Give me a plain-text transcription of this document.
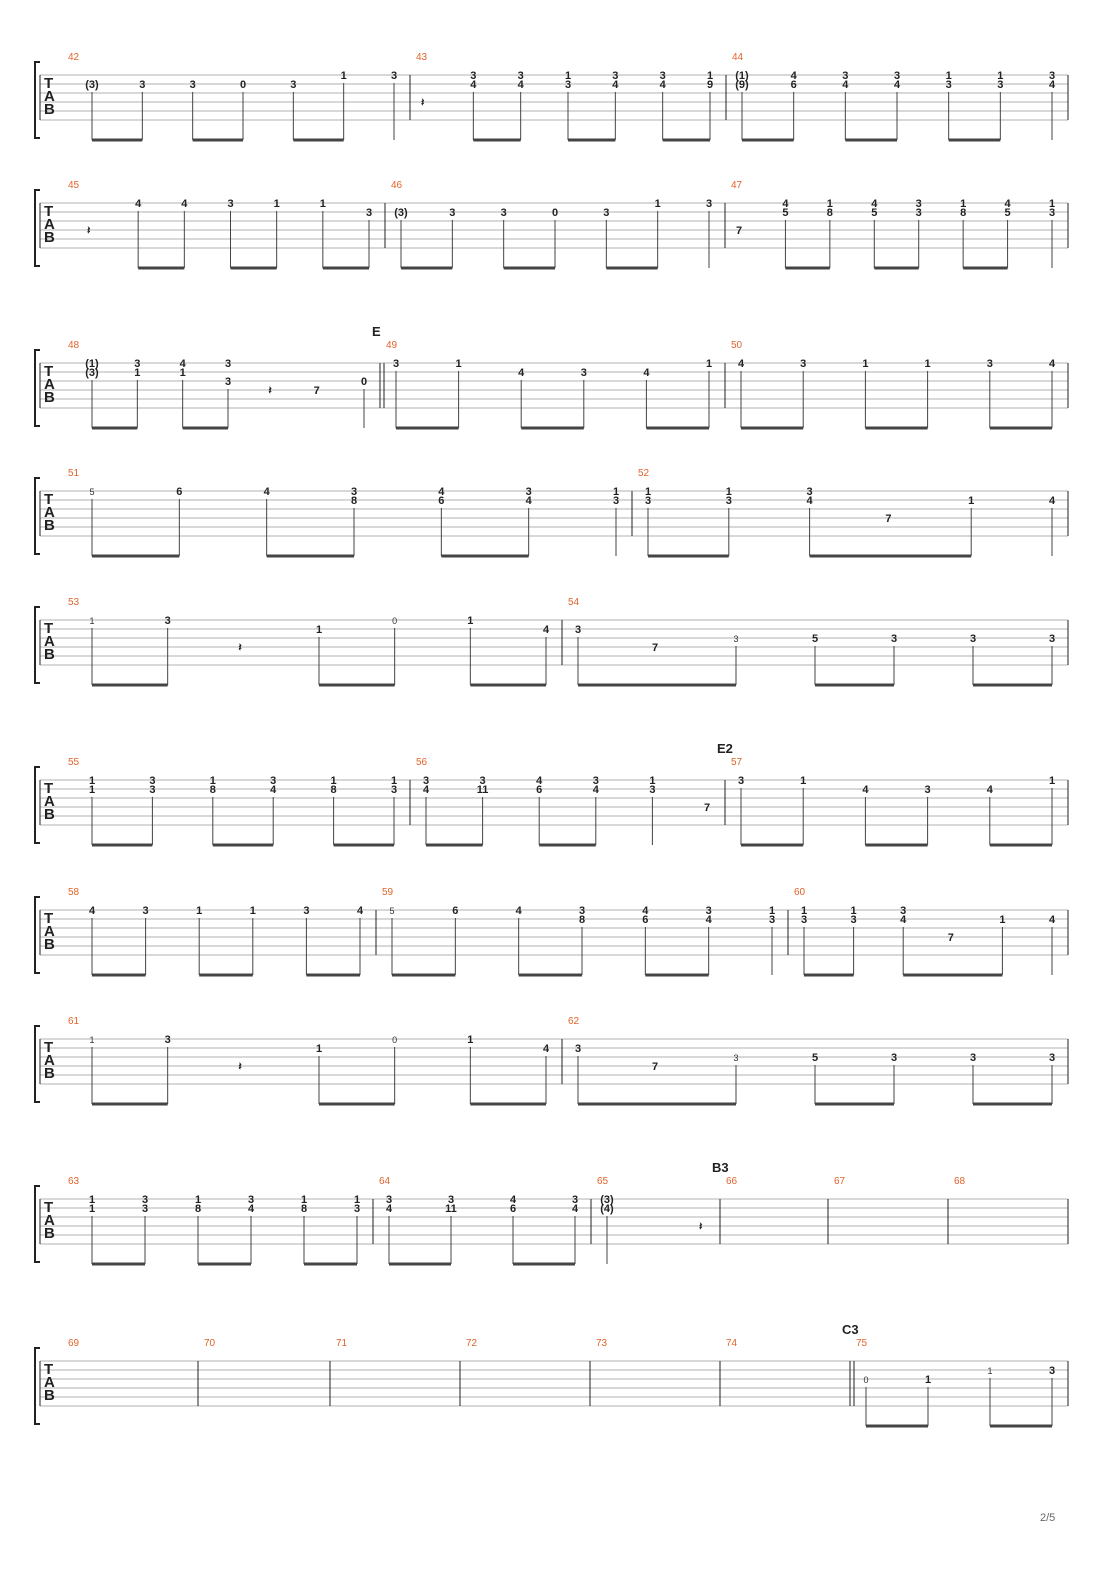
T
A
B
42
(3)	3	3	0	3
1	3
43
𝄽
3
4
3
4
1
3
3
4
3
4
1
9
44
(1)
(9)
4
6
3
4
3
4
1
3
1
3
3
4
T
A
B
45
𝄽
4	4	3	1	1
3
46
(3)	3	3	0	3
1	3
47
7
4
5
1
8
4
5
3
3
1
8
4
5
1
3
T
A
B
E
48
(1)
(3)
3
1
4
1
3
3
𝄽	7
0
49
3	1
4	3	4
1
50
4	3	1	1	3	4
T
A
B
51
5	6	4	3
8
4
6
3
4
1
3
52
1
3
1
3
3
4
7
1	4
T
A
B
53
1	3
𝄽
1
0	1
4
54
3
7
3	5	3	3	3
T
A
B
E2
55
1
1
3
3
1
8
3
4
1
8
1
3
56
3
4
3
11
4
6
3
4
1
3
7
57
3	1
4	3	4
1
T
A
B
58
4	3	1	1	3	4
59
5	6	4	3
8
4
6
3
4
1
3
60
1
3
1
3
3
4
7
1	4
T
A
B
61
1	3
𝄽
1
0	1
4
62
3
7
3	5	3	3	3
T
A
B
B3
63
1
1
3
3
1
8
3
4
1
8
1
3
64
3
4
3
11
4
6
3
4
65
(3)
(4)
𝄽
66	67	68
T
A
B
C3
69	70	71	72	73	74	75
0	1
1	3
2/5
